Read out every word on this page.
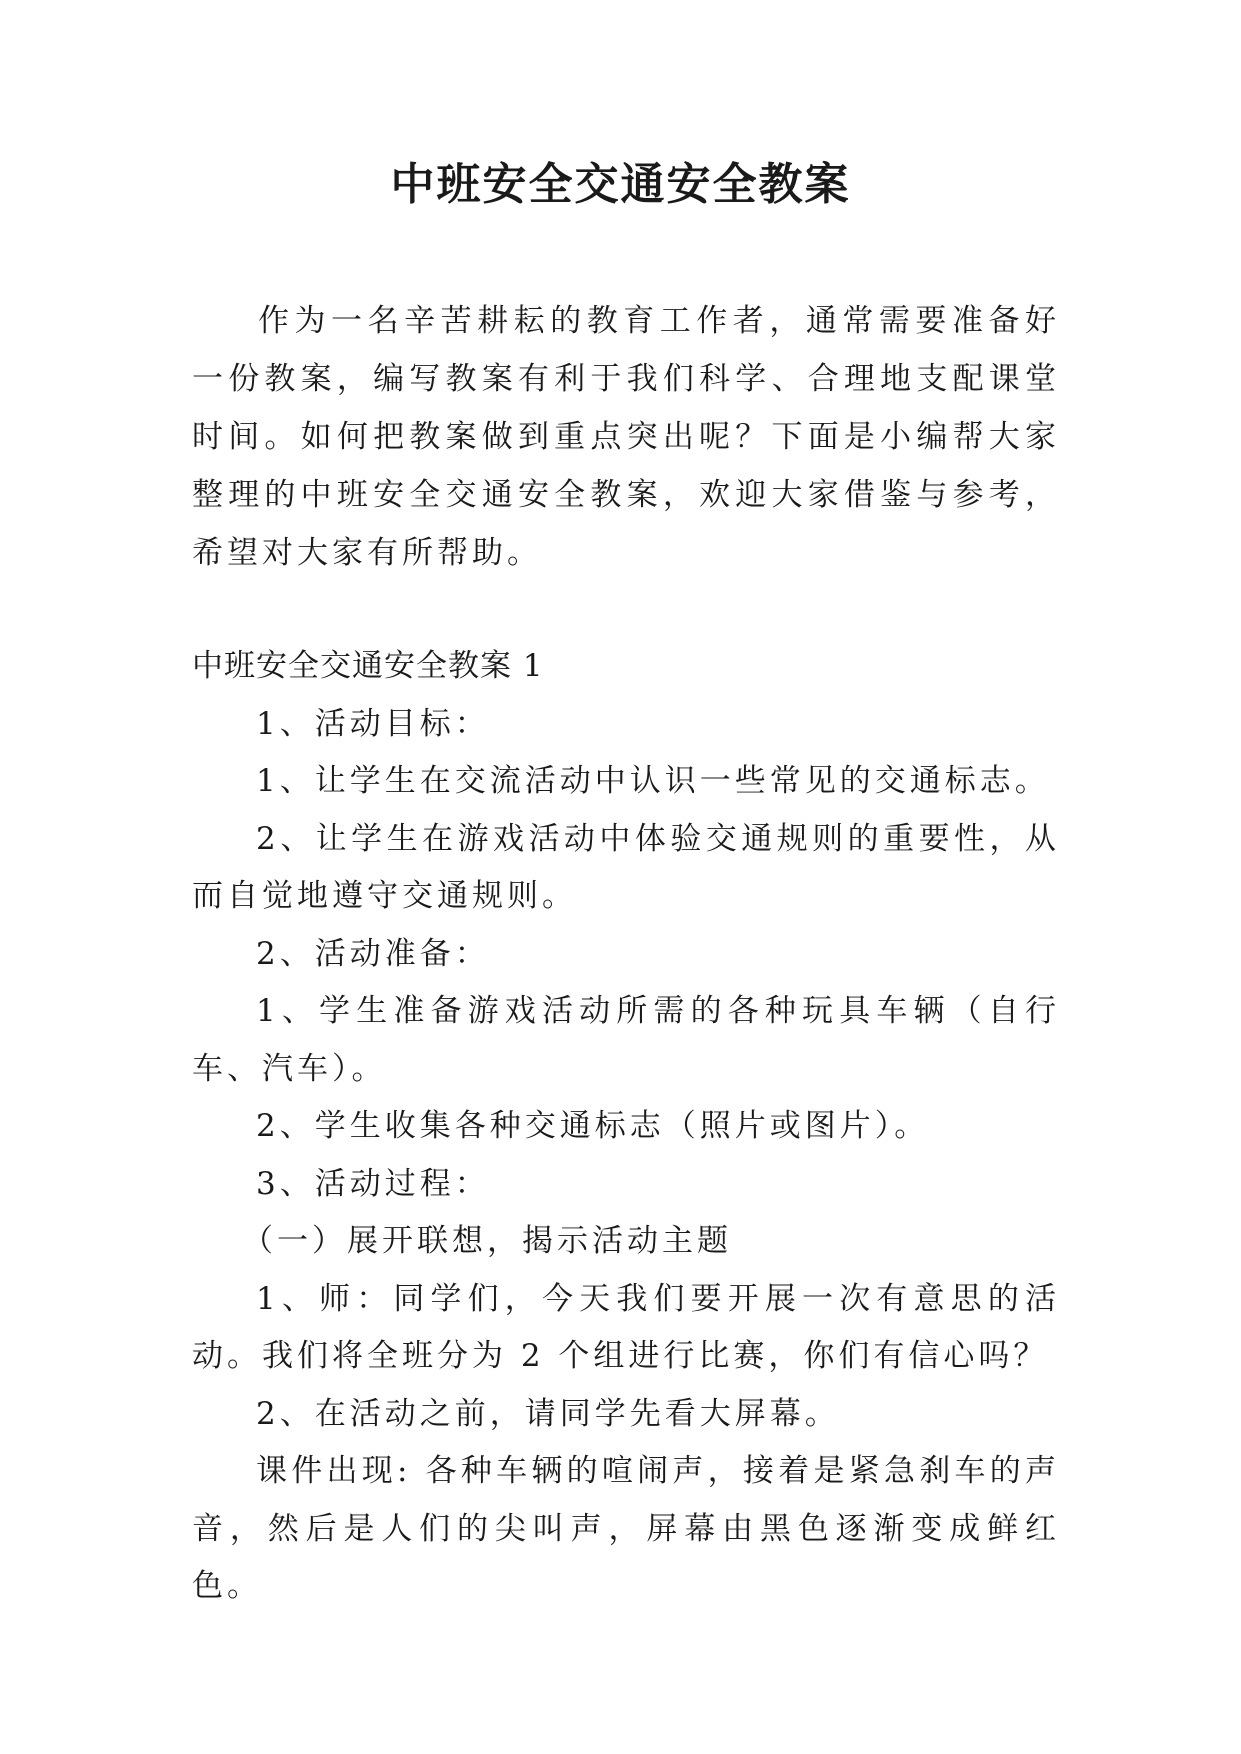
中班安全交通安全教案

作为一名辛苦耕耘的教育工作者，通常需要准备好一份教案，编写教案有利于我们科学、合理地支配课堂时间。如何把教案做到重点突出呢？下面是小编帮大家整理的中班安全交通安全教案，欢迎大家借鉴与参考，希望对大家有所帮助。

中班安全交通安全教案 1

1、活动目标：

1、让学生在交流活动中认识一些常见的交通标志。

2、让学生在游戏活动中体验交通规则的重要性，从而自觉地遵守交通规则。

2、活动准备：

1、学生准备游戏活动所需的各种玩具车辆（自行车、汽车）。

2、学生收集各种交通标志（照片或图片）。

3、活动过程：

（一）展开联想，揭示活动主题

1、师：同学们，今天我们要开展一次有意思的活动。我们将全班分为 2 个组进行比赛，你们有信心吗？

2、在活动之前，请同学先看大屏幕。

课件出现: 各种车辆的喧闹声，接着是紧急刹车的声音，然后是人们的尖叫声，屏幕由黑色逐渐变成鲜红色。
